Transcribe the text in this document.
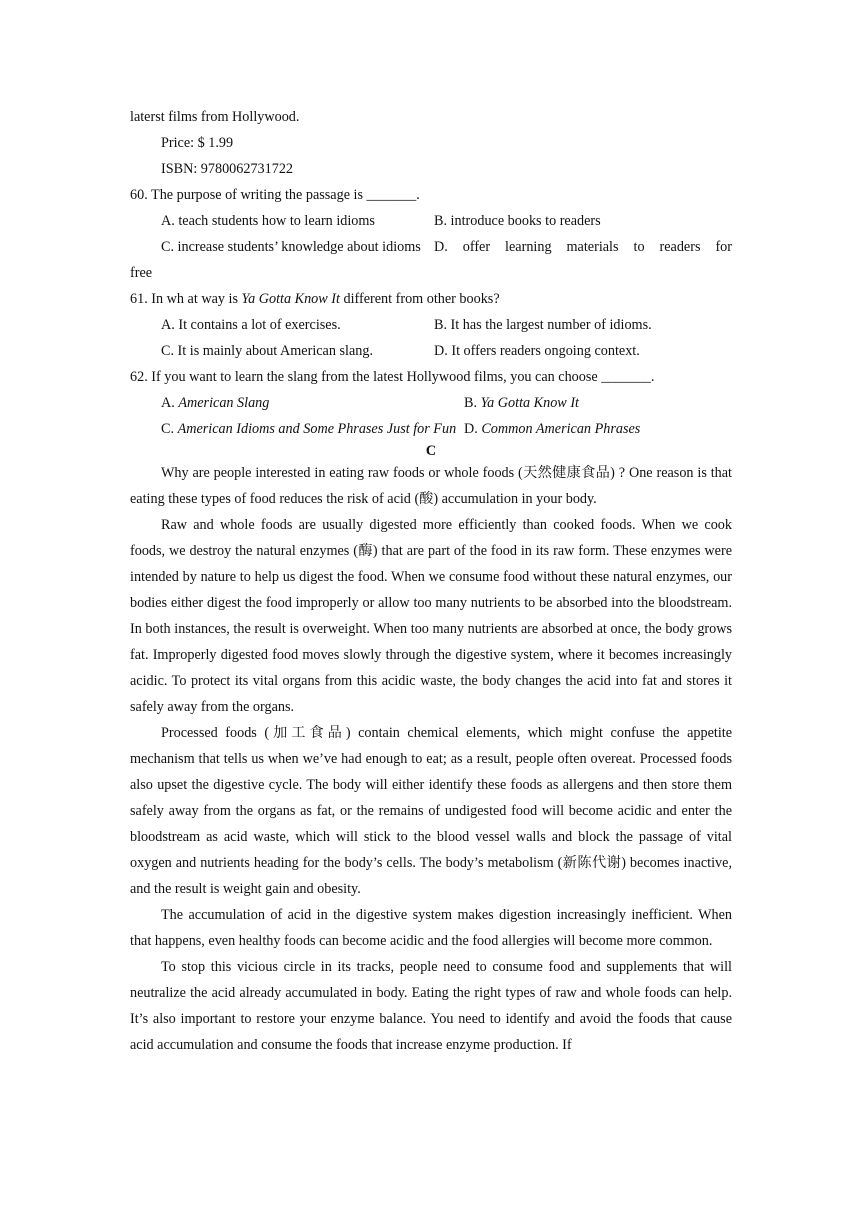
laterst films from Hollywood.
Price: $ 1.99
ISBN: 9780062731722
60. The purpose of writing the passage is _______.
A. teach students how to learn idioms	B. introduce books to readers
C. increase students’ knowledge about idioms D. offer learning materials to readers for
free
61. In wh at way is Ya Gotta Know It different from other books?
A. It contains a lot of exercises.	B. It has the largest number of idioms.
C. It is mainly about American slang.	D. It offers readers ongoing context.
62. If you want to learn the slang from the latest Hollywood films, you can choose _______.
A. American Slang	B. Ya Gotta Know It
C. American Idioms and Some Phrases Just for Fun D. Common American Phrases
C

Why are people interested in eating raw foods or whole foods (天然健康食品) ? One reason is that eating these types of food reduces the risk of acid (酸) accumulation in your body.

Raw and whole foods are usually digested more efficiently than cooked foods. When we cook foods, we destroy the natural enzymes (酶) that are part of the food in its raw form. These enzymes were intended by nature to help us digest the food. When we consume food without these natural enzymes, our bodies either digest the food improperly or allow too many nutrients to be absorbed into the bloodstream. In both instances, the result is overweight. When too many nutrients are absorbed at once, the body grows fat. Improperly digested food moves slowly through the digestive system, where it becomes increasingly acidic. To protect its vital organs from this acidic waste, the body changes the acid into fat and stores it safely away from the organs.

Processed foods (加工食品) contain chemical elements, which might confuse the appetite mechanism that tells us when we’ve had enough to eat; as a result, people often overeat. Processed foods also upset the digestive cycle. The body will either identify these foods as allergens and then store them safely away from the organs as fat, or the remains of undigested food will become acidic and enter the bloodstream as acid waste, which will stick to the blood vessel walls and block the passage of vital oxygen and nutrients heading for the body’s cells. The body’s metabolism (新陈代谢) becomes inactive, and the result is weight gain and obesity.

The accumulation of acid in the digestive system makes digestion increasingly inefficient. When that happens, even healthy foods can become acidic and the food allergies will become more common.

To stop this vicious circle in its tracks, people need to consume food and supplements that will neutralize the acid already accumulated in body. Eating the right types of raw and whole foods can help. It’s also important to restore your enzyme balance. You need to identify and avoid the foods that cause acid accumulation and consume the foods that increase enzyme production. If
